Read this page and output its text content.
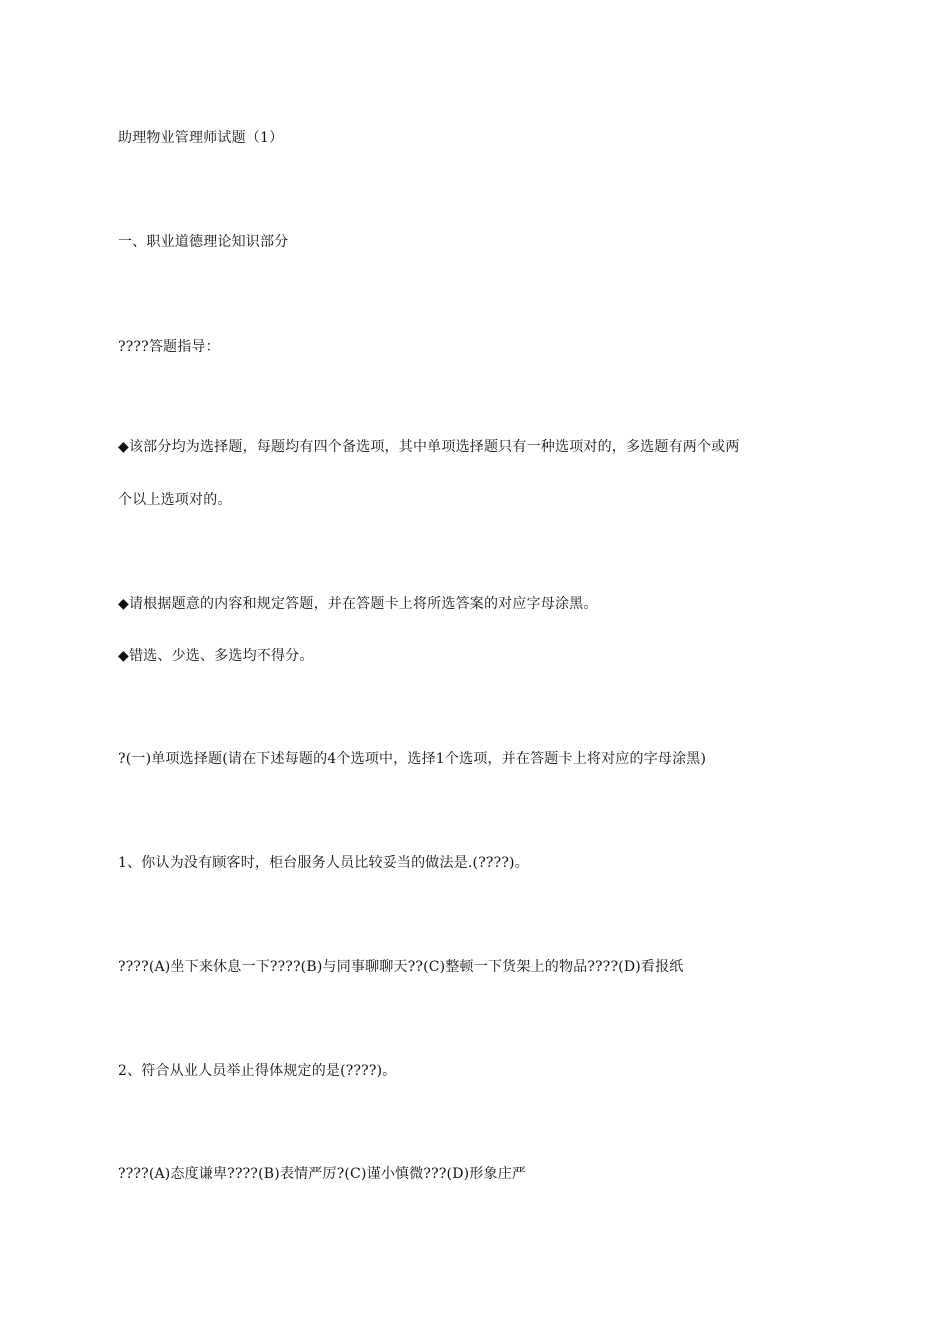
助理物业管理师试题（1）
一、职业道德理论知识部分
????答题指导：
◆该部分均为选择题，每题均有四个备选项，其中单项选择题只有一种选项对的，多选题有两个或两
个以上选项对的。
◆请根据题意的内容和规定答题，并在答题卡上将所选答案的对应字母涂黑。
◆错选、少选、多选均不得分。
?(一)单项选择题(请在下述每题的4个选项中，选择1个选项，并在答题卡上将对应的字母涂黑)
1、你认为没有顾客时，柜台服务人员比较妥当的做法是.(????)。
????(A)坐下来休息一下????(B)与同事聊聊天??(C)整顿一下货架上的物品????(D)看报纸
2、符合从业人员举止得体规定的是(????)。
????(A)态度谦卑????(B)表情严厉?(C)谨小慎微???(D)形象庄严
